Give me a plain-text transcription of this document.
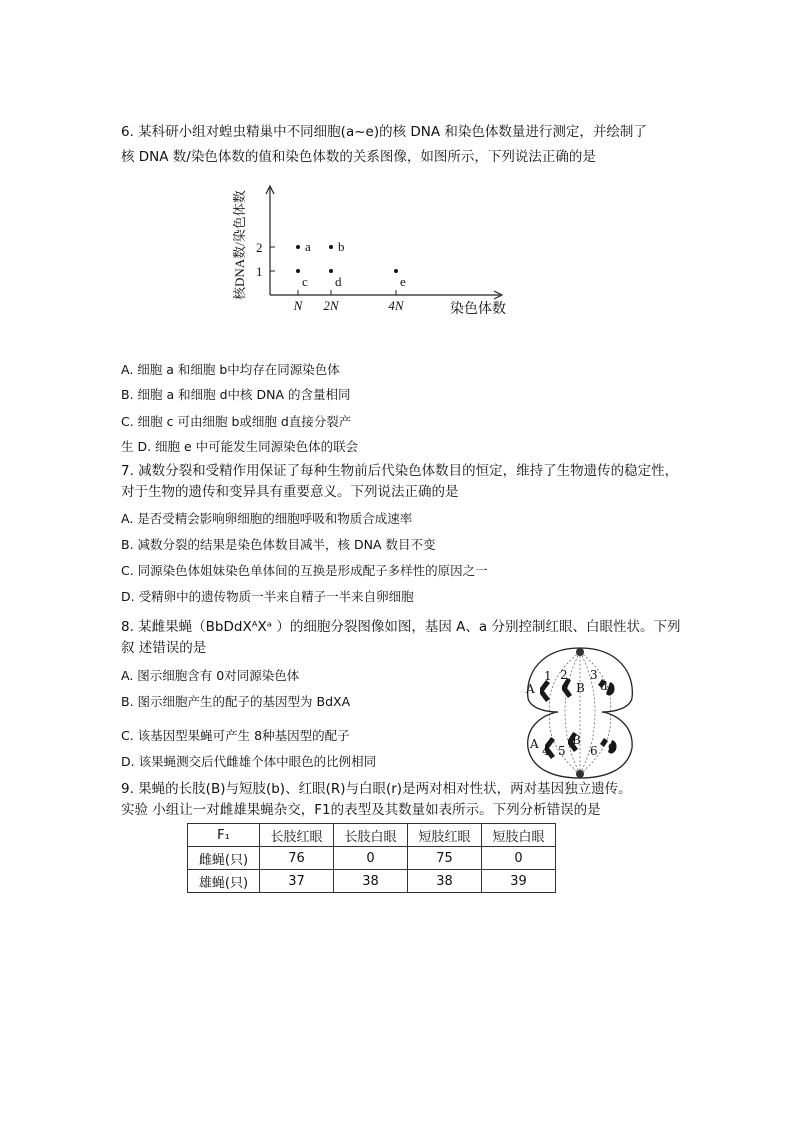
6. 某科研小组对蝗虫精巢中不同细胞(a~e)的核 DNA 和染色体数量进行测定，并绘制了
核 DNA 数/染色体数的值和染色体数的关系图像，如图所示，下列说法正确的是
核DNA数/染色体数
染色体数
1
2
N 2N	4N
a b
c d	e
A. 细胞 a 和细胞 b中均存在同源染色体
B. 细胞 a 和细胞 d中核 DNA 的含量相同
C. 细胞 c 可由细胞 b或细胞 d直接分裂产
生 D. 细胞 e 中可能发生同源染色体的联会
7. 减数分裂和受精作用保证了每种生物前后代染色体数目的恒定，维持了生物遗传的稳定性，
对于生物的遗传和变异具有重要意义。下列说法正确的是
A. 是否受精会影响卵细胞的细胞呼吸和物质合成速率
B. 减数分裂的结果是染色体数目减半，核 DNA 数目不变
C. 同源染色体姐妹染色单体间的互换是形成配子多样性的原因之一
D. 受精卵中的遗传物质一半来自精子一半来自卵细胞
8. 某雌果蝇（BbDdXᴬXᵃ ）的细胞分裂图像如图，基因 A、a 分别控制红眼、白眼性状。下列
叙 述错误的是
A. 图示细胞含有 0对同源染色体
B. 图示细胞产生的配子的基因型为 BdXA
C. 该基因型果蝇可产生 8种基因型的配子
D. 该果蝇测交后代雌雄个体中眼色的比例相同
A
1 2
B
3
d
A 4 5
B
6 d
9. 果蝇的长肢(B)与短肢(b)、红眼(R)与白眼(r)是两对相对性状，两对基因独立遗传。
实验 小组让一对雌雄果蝇杂交，F1的表型及其数量如表所示。下列分析错误的是
F₁	长肢红眼	长肢白眼	短肢红眼	短肢白眼
雌蝇(只)	76	0	75	0
雄蝇(只)	37	38	38	39
